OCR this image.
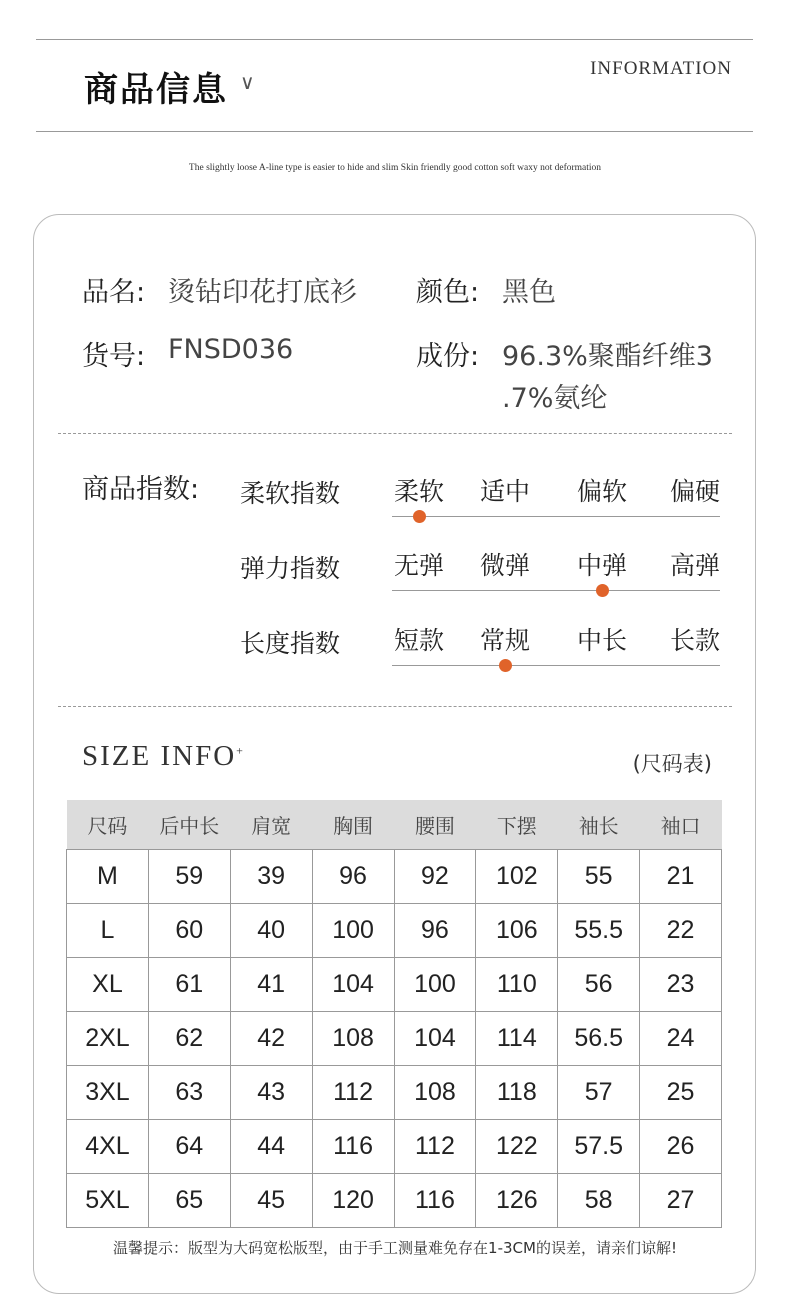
商品信息 ∨
INFORMATION
The slightly loose A-line type is easier to hide and slim Skin friendly good cotton soft waxy not deformation
品名: 烫钻印花打底衫 颜色: 黑色
货号: FNSD036	成份: 96.3%聚酯纤维3
.7%氨纶
商品指数: 柔软指数	柔软	适中	偏软	偏硬
弹力指数	无弹	微弹	中弹	高弹
长度指数	短款	常规	中长	长款
SIZE INFO+
(尺码表)
尺码	后中长	肩宽	胸围	腰围	下摆	袖长	袖口
M	59	39	96	92	102	55	21
L	60	40	100	96	106	55.5	22
XL	61	41	104	100	110	56	23
2XL	62	42	108	104	114	56.5	24
3XL	63	43	112	108	118	57	25
4XL	64	44	116	112	122	57.5	26
5XL	65	45	120	116	126	58	27
温馨提示：版型为大码宽松版型，由于手工测量难免存在1-3CM的误差，请亲们谅解!
